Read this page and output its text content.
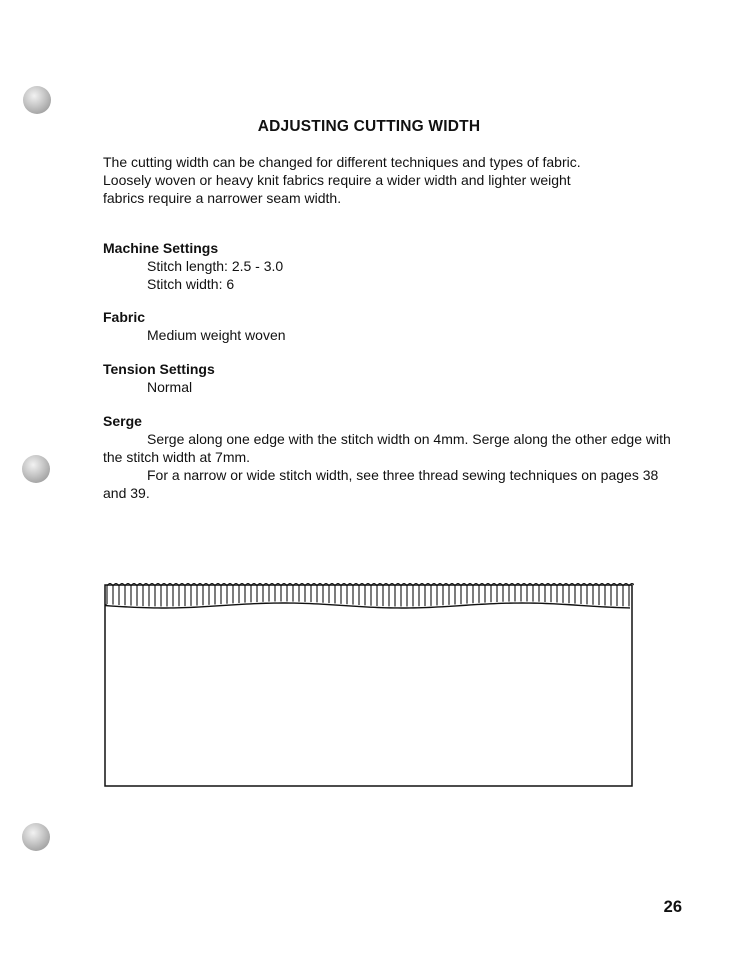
ADJUSTING CUTTING WIDTH
The cutting width can be changed for different techniques and types of fabric.
Loosely woven or heavy knit fabrics require a wider width and lighter weight
fabrics require a narrower seam width.
Machine Settings
Stitch length: 2.5 - 3.0
Stitch width: 6
Fabric
Medium weight woven
Tension Settings
Normal
Serge
Serge along one edge with the stitch width on 4mm. Serge along the other edge with the stitch width at 7mm.
For a narrow or wide stitch width, see three thread sewing techniques on pages 38 and 39.
26
